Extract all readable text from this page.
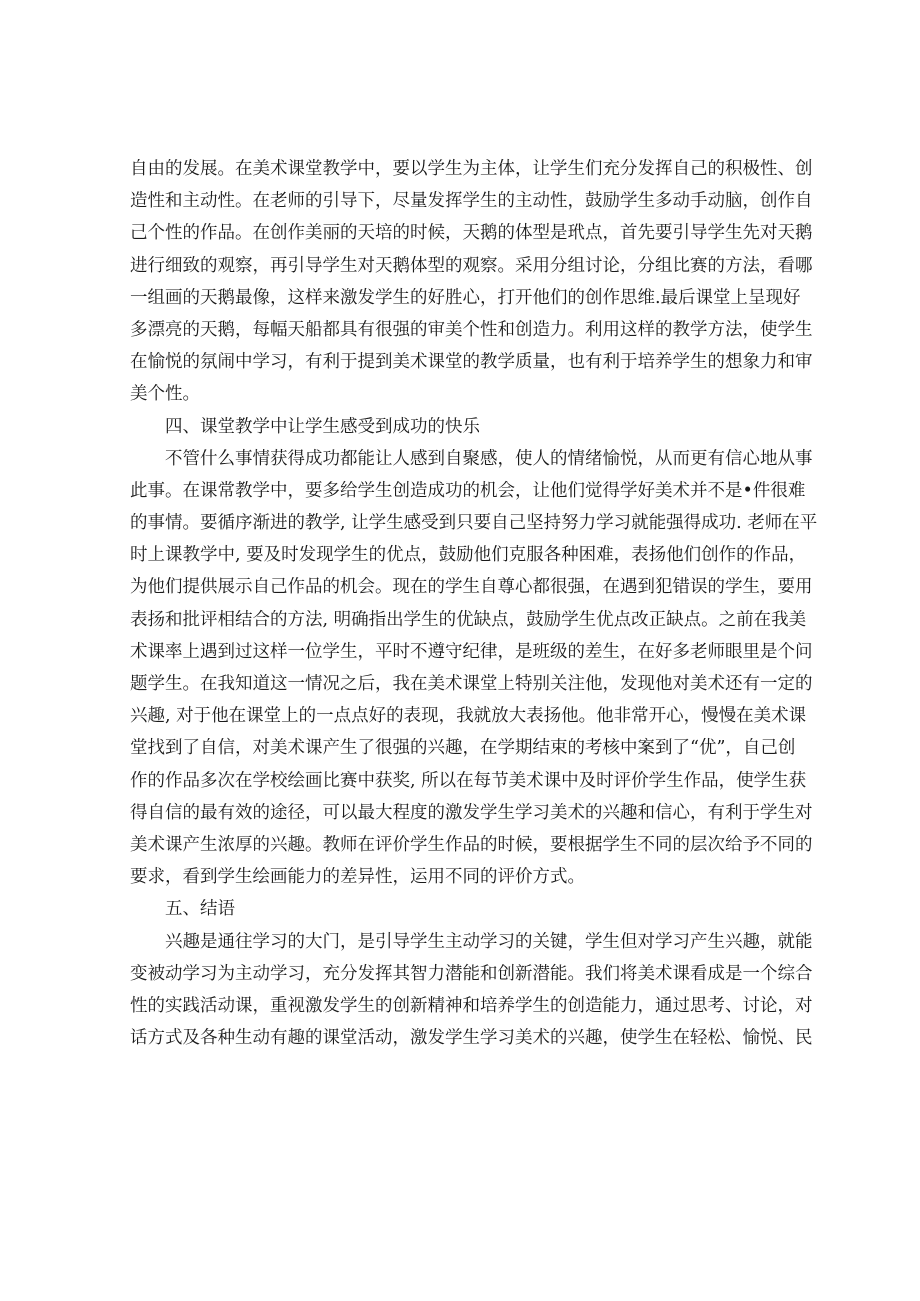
自由的发展。在美术课堂教学中，要以学生为主体，让学生们充分发挥自己的积极性、创
造性和主动性。在老师的引导下，尽量发挥学生的主动性，鼓励学生多动手动脑，创作自
己个性的作品。在创作美丽的天培的时候，天鹅的体型是玳点，首先要引导学生先对天鹅
进行细致的观察，再引导学生对天鹅体型的观察。采用分组讨论，分组比赛的方法，看哪
一组画的天鹅最像，这样来激发学生的好胜心，打开他们的创作思维.最后课堂上呈现好
多漂亮的天鹅，每幅天船都具有很强的审美个性和创造力。利用这样的教学方法，使学生
在愉悦的氛闹中学习，有利于提到美术课堂的教学质量，也有利于培养学生的想象力和审
美个性。
四、课堂教学中让学生感受到成功的快乐
不管什么事情获得成功都能让人感到自聚感，使人的情绪愉悦，从而更有信心地从事
此事。在课常教学中，要多给学生创造成功的机会，让他们觉得学好美术并不是•件很难
的事情。要循序渐进的教学, 让学生感受到只要自己坚持努力学习就能强得成功. 老师在平
时上课教学中, 要及时发现学生的优点，鼓励他们克服各种困难，表扬他们创作的作品，
为他们提供展示自己作品的机会。现在的学生自尊心都很强，在遇到犯错误的学生，要用
表扬和批评相结合的方法, 明确指出学生的优缺点，鼓励学生优点改正缺点。之前在我美
术课率上遇到过这样一位学生，平时不遵守纪律，是班级的差生，在好多老师眼里是个问
题学生。在我知道这一情况之后，我在美术课堂上特别关注他，发现他对美术还有一定的
兴趣, 对于他在课堂上的一点点好的表现，我就放大表扬他。他非常开心，慢慢在美术课
堂找到了自信，对美术课产生了很强的兴趣，在学期结束的考核中案到了“优”，自己创
作的作品多次在学校绘画比赛中获奖, 所以在每节美术课中及时评价学生作品，使学生获
得自信的最有效的途径，可以最大程度的激发学生学习美术的兴趣和信心，有利于学生对
美术课产生浓厚的兴趣。教师在评价学生作品的时候，要根据学生不同的层次给予不同的
要求，看到学生绘画能力的差异性，运用不同的评价方式。
五、结语
兴趣是通往学习的大门，是引导学生主动学习的关键，学生但对学习产生兴趣，就能
变被动学习为主动学习，充分发挥其智力潜能和创新潜能。我们将美术课看成是一个综合
性的实践活动课，重视激发学生的创新精神和培养学生的创造能力，通过思考、讨论，对
话方式及各种生动有趣的课堂活动，激发学生学习美术的兴趣，使学生在轻松、愉悦、民
